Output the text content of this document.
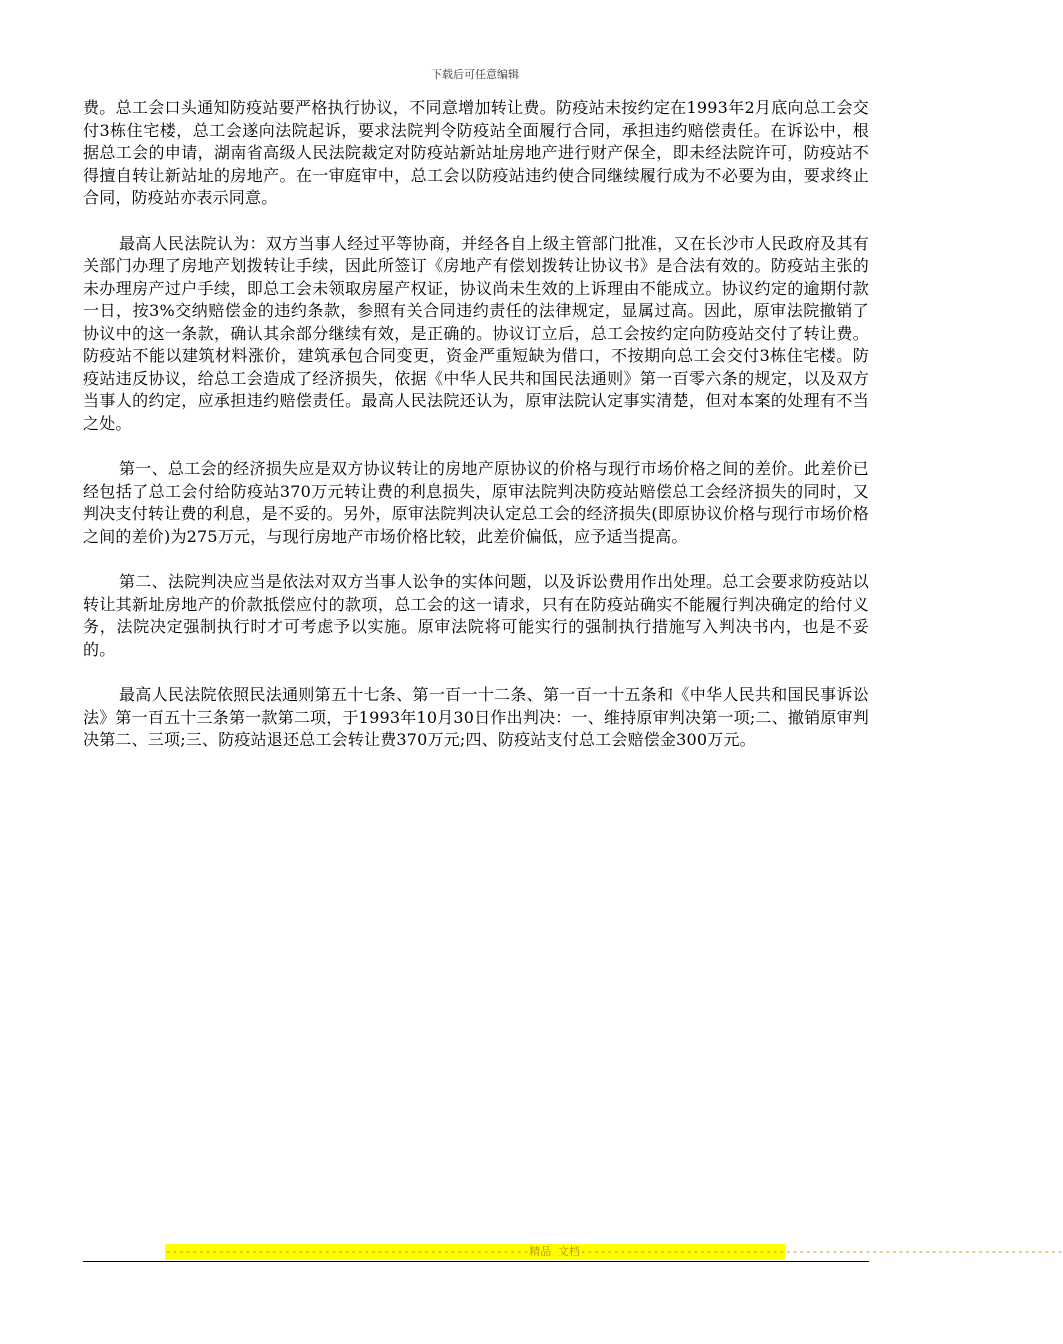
下载后可任意编辑

费。总工会口头通知防疫站要严格执行协议，不同意增加转让费。防疫站未按约定在1993年2月底向总工会交付3栋住宅楼，总工会遂向法院起诉，要求法院判令防疫站全面履行合同，承担违约赔偿责任。在诉讼中，根据总工会的申请，湖南省高级人民法院裁定对防疫站新站址房地产进行财产保全，即未经法院许可，防疫站不得擅自转让新站址的房地产。在一审庭审中，总工会以防疫站违约使合同继续履行成为不必要为由，要求终止合同，防疫站亦表示同意。

最高人民法院认为：双方当事人经过平等协商，并经各自上级主管部门批准，又在长沙市人民政府及其有关部门办理了房地产划拨转让手续，因此所签订《房地产有偿划拨转让协议书》是合法有效的。防疫站主张的未办理房产过户手续，即总工会未领取房屋产权证，协议尚未生效的上诉理由不能成立。协议约定的逾期付款一日，按3%交纳赔偿金的违约条款，参照有关合同违约责任的法律规定，显属过高。因此，原审法院撤销了协议中的这一条款，确认其余部分继续有效，是正确的。协议订立后，总工会按约定向防疫站交付了转让费。防疫站不能以建筑材料涨价，建筑承包合同变更，资金严重短缺为借口，不按期向总工会交付3栋住宅楼。防疫站违反协议，给总工会造成了经济损失，依据《中华人民共和国民法通则》第一百零六条的规定，以及双方当事人的约定，应承担违约赔偿责任。最高人民法院还认为，原审法院认定事实清楚，但对本案的处理有不当之处。

第一、总工会的经济损失应是双方协议转让的房地产原协议的价格与现行市场价格之间的差价。此差价已经包括了总工会付给防疫站370万元转让费的利息损失，原审法院判决防疫站赔偿总工会经济损失的同时，又判决支付转让费的利息，是不妥的。另外，原审法院判决认定总工会的经济损失(即原协议价格与现行市场价格之间的差价)为275万元，与现行房地产市场价格比较，此差价偏低，应予适当提高。

第二、法院判决应当是依法对双方当事人讼争的实体问题，以及诉讼费用作出处理。总工会要求防疫站以转让其新址房地产的价款抵偿应付的款项，总工会的这一请求，只有在防疫站确实不能履行判决确定的给付义务，法院决定强制执行时才可考虑予以实施。原审法院将可能实行的强制执行措施写入判决书内，也是不妥的。

最高人民法院依照民法通则第五十七条、第一百一十二条、第一百一十五条和《中华人民共和国民事诉讼法》第一百五十三条第一款第二项，于1993年10月30日作出判决：一、维持原审判决第一项;二、撤销原审判决第二、三项;三、防疫站退还总工会转让费370万元;四、防疫站支付总工会赔偿金300万元。

-------------------------------------------------------精品 文档-------------------------------------------------------------------------
